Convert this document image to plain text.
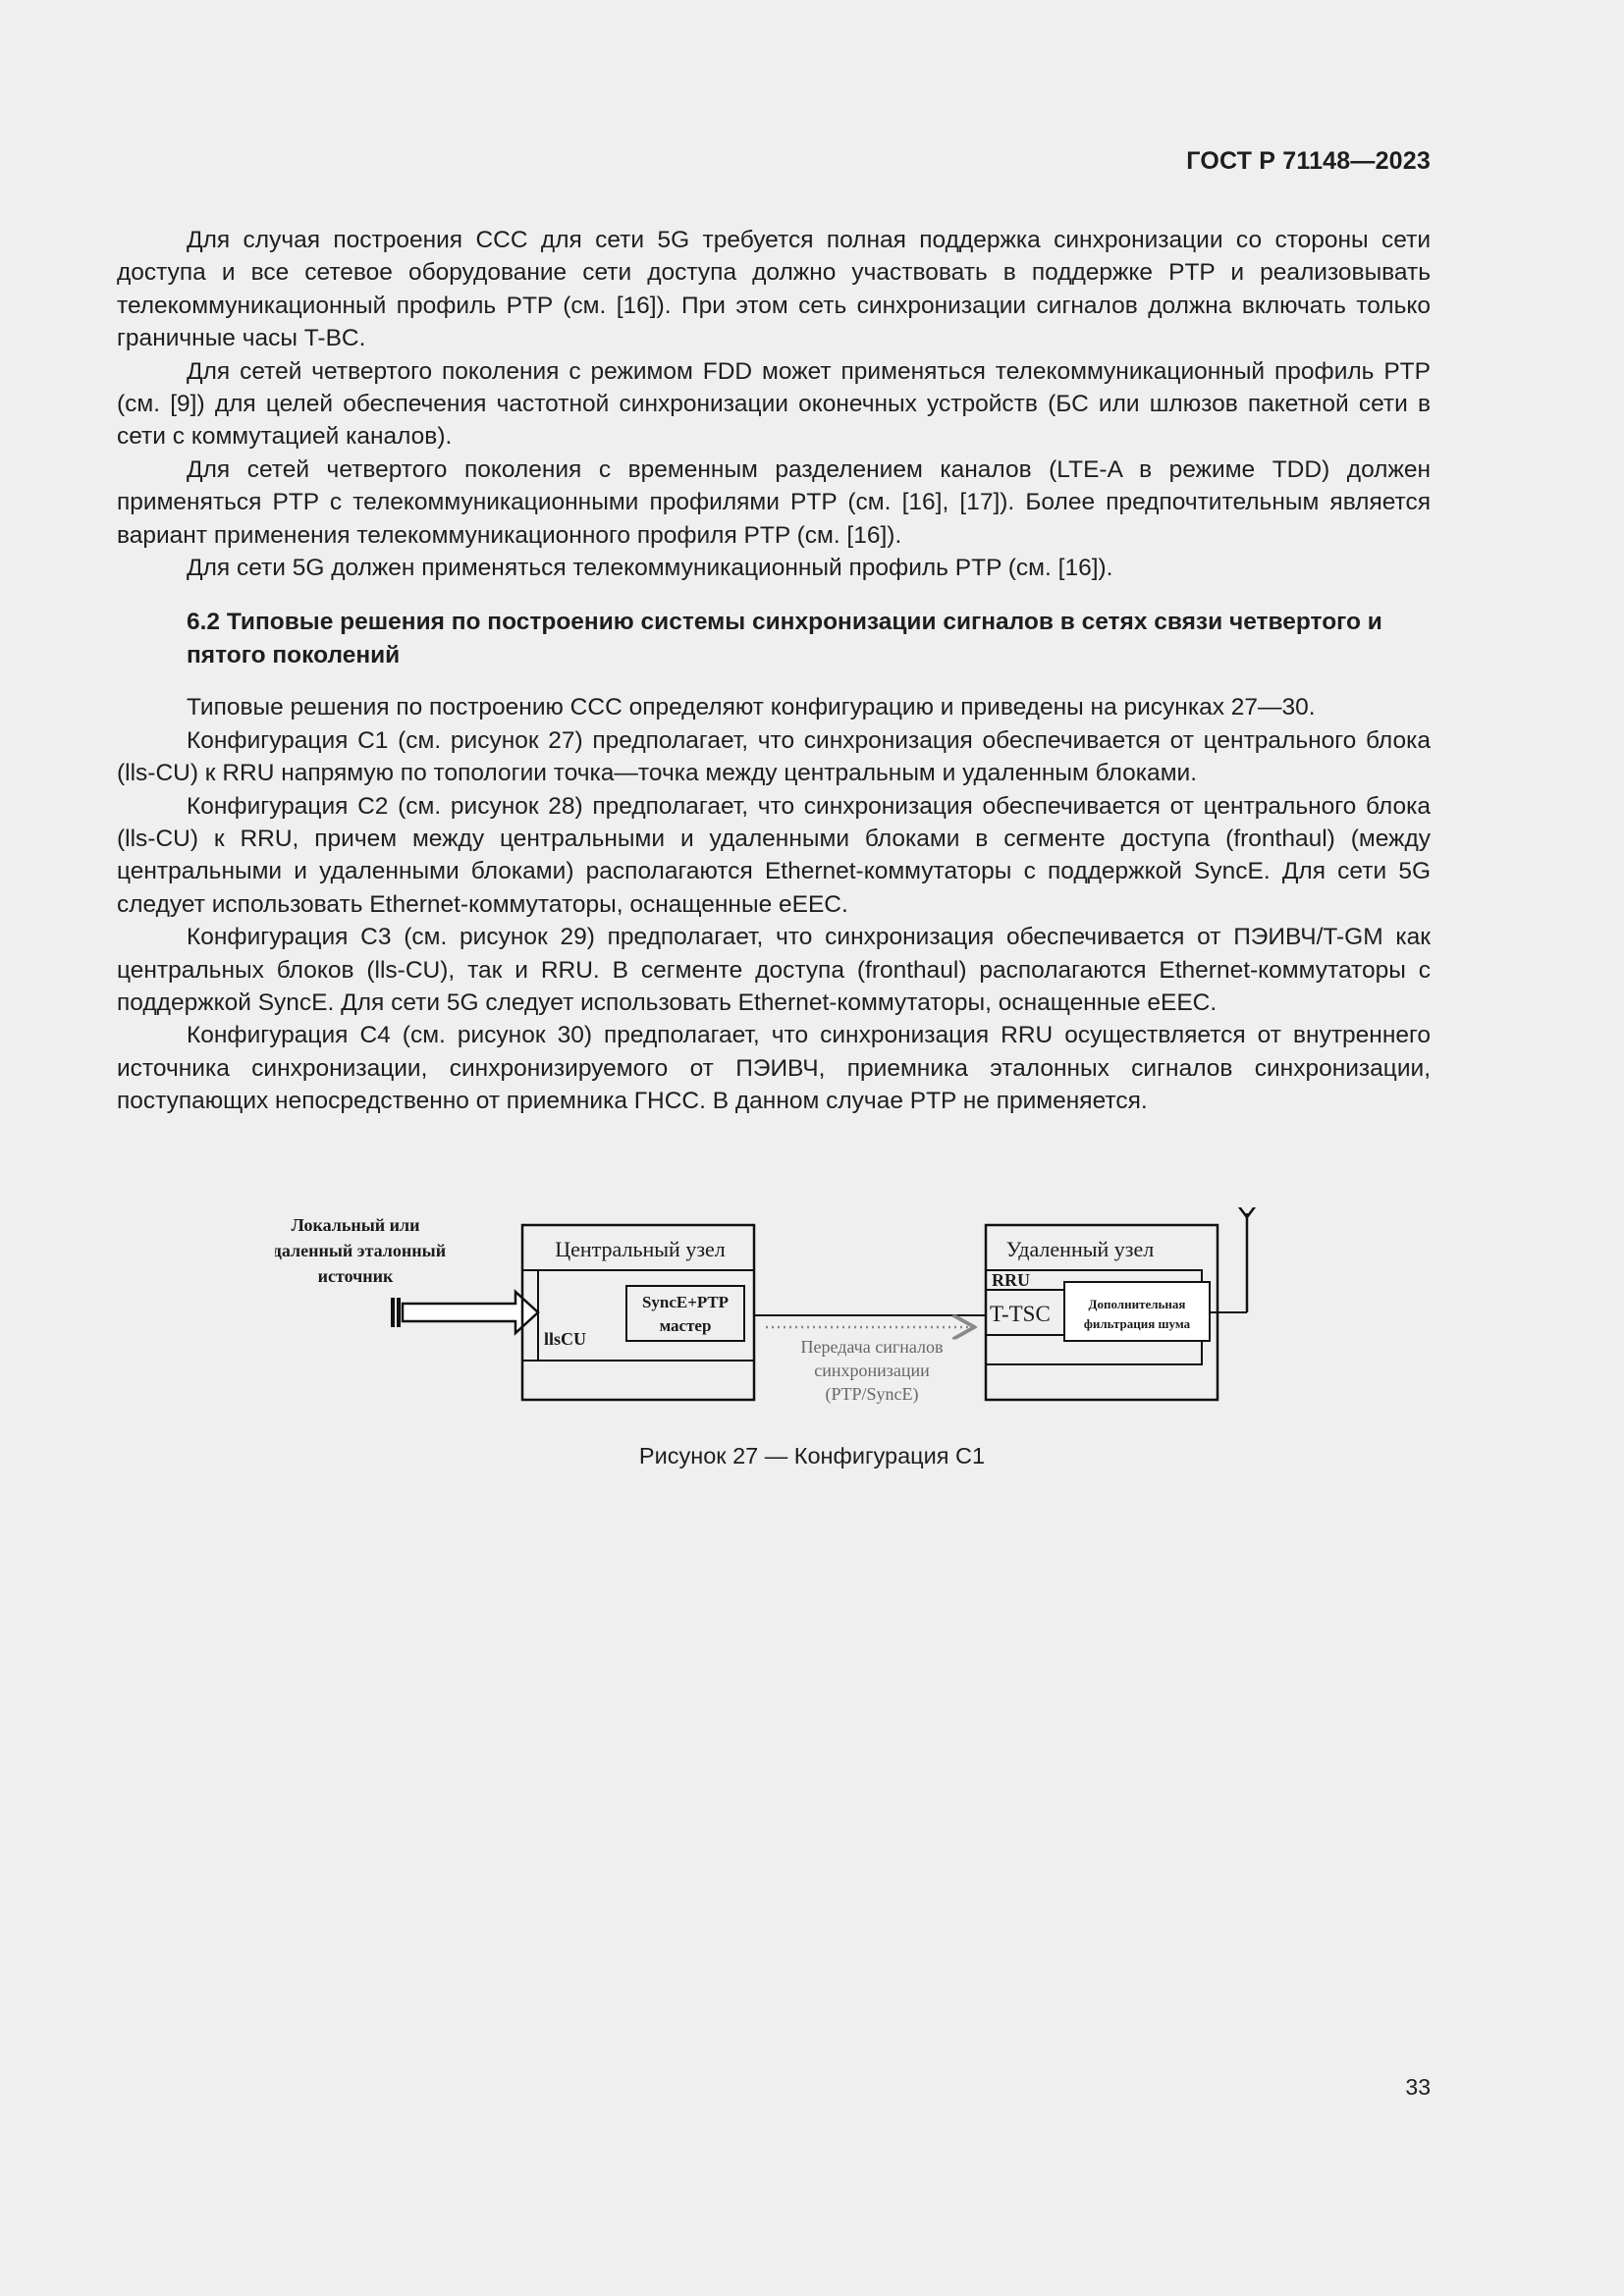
ГОСТ Р 71148—2023

Для случая построения ССС для сети 5G требуется полная поддержка синхронизации со стороны сети доступа и все сетевое оборудование сети доступа должно участвовать в поддержке PTP и реализовывать телекоммуникационный профиль PTP (см. [16]). При этом сеть синхронизации сигналов должна включать только граничные часы T-BC.

Для сетей четвертого поколения с режимом FDD может применяться телекоммуникационный профиль PTP (см. [9]) для целей обеспечения частотной синхронизации оконечных устройств (БС или шлюзов пакетной сети в сети с коммутацией каналов).

Для сетей четвертого поколения с временным разделением каналов (LTE-A в режиме TDD) должен применяться PTP с телекоммуникационными профилями PTP (см. [16], [17]). Более предпочтительным является вариант применения телекоммуникационного профиля PTP (см. [16]).

Для сети 5G должен применяться телекоммуникационный профиль PTP (см. [16]).

6.2 Типовые решения по построению системы синхронизации сигналов в сетях связи четвертого и пятого поколений

Типовые решения по построению ССС определяют конфигурацию и приведены на рисунках 27—30.

Конфигурация С1 (см. рисунок 27) предполагает, что синхронизация обеспечивается от центрального блока (lls-CU) к RRU напрямую по топологии точка—точка между центральным и удаленным блоками.

Конфигурация С2 (см. рисунок 28) предполагает, что синхронизация обеспечивается от центрального блока (lls-CU) к RRU, причем между центральными и удаленными блоками в сегменте доступа (fronthaul) (между центральными и удаленными блоками) располагаются Ethernet-коммутаторы с поддержкой SyncE. Для сети 5G следует использовать Ethernet-коммутаторы, оснащенные eEEC.

Конфигурация С3 (см. рисунок 29) предполагает, что синхронизация обеспечивается от ПЭИВЧ/T-GM как центральных блоков (lls-CU), так и RRU. В сегменте доступа (fronthaul) располагаются Ethernet-коммутаторы с поддержкой SyncE. Для сети 5G следует использовать Ethernet-коммутаторы, оснащенные eEEC.

Конфигурация С4 (см. рисунок 30) предполагает, что синхронизация RRU осуществляется от внутреннего источника синхронизации, синхронизируемого от ПЭИВЧ, приемника эталонных сигналов синхронизации, поступающих непосредственно от приемника ГНСС. В данном случае PTP не применяется.

Локальный или
удаленный эталонный
источник
Центральный узел
SyncE+PTP
мастер
llsCU	Передача сигналов
синхронизации
(PTP/SyncE)
Удаленный узел
RRU
T-TSC	Дополнительная
фильтрация шума
Рисунок 27 — Конфигурация С1
33
